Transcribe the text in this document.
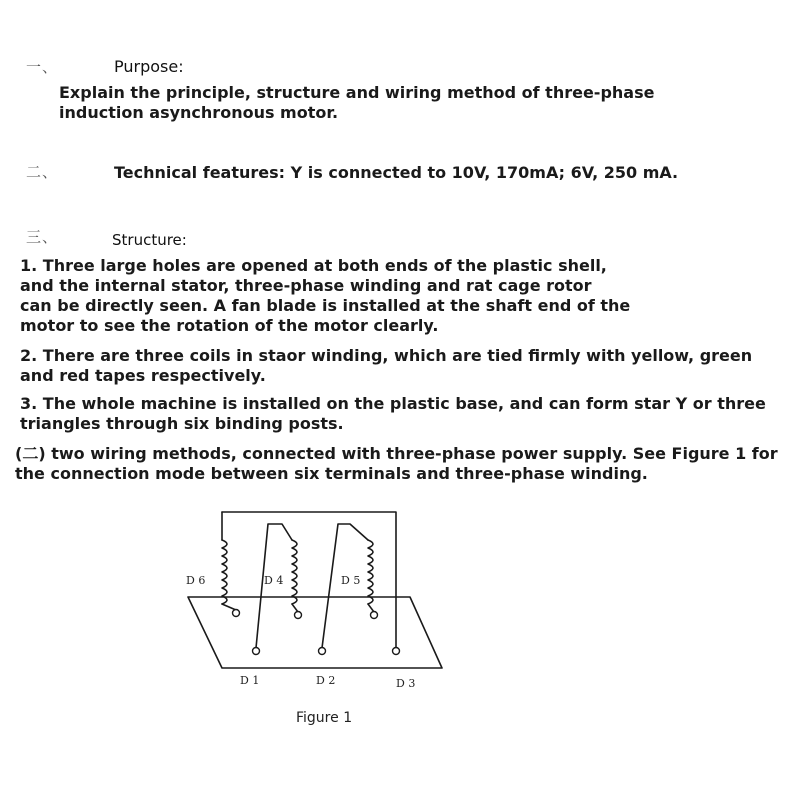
一、	Purpose:
Explain the principle, structure and wiring method of three-phase
induction asynchronous motor.
二、	Technical features: Y is connected to 10V, 170mA; 6V, 250 mA.
三、	Structure:
1. Three large holes are opened at both ends of the plastic shell,
and the internal stator, three-phase winding and rat cage rotor
can be directly seen. A fan blade is installed at the shaft end of the
motor to see the rotation of the motor clearly.
2. There are three coils in staor winding, which are tied firmly with yellow, green
and red tapes respectively.
3. The whole machine is installed on the plastic base, and can form star Y or three
triangles through six binding posts.
(二) two wiring methods, connected with three-phase power supply. See Figure 1 for
the connection mode between six terminals and three-phase winding.
D 6	D 4	D 5
D 1	D 2	D 3
Figure 1
